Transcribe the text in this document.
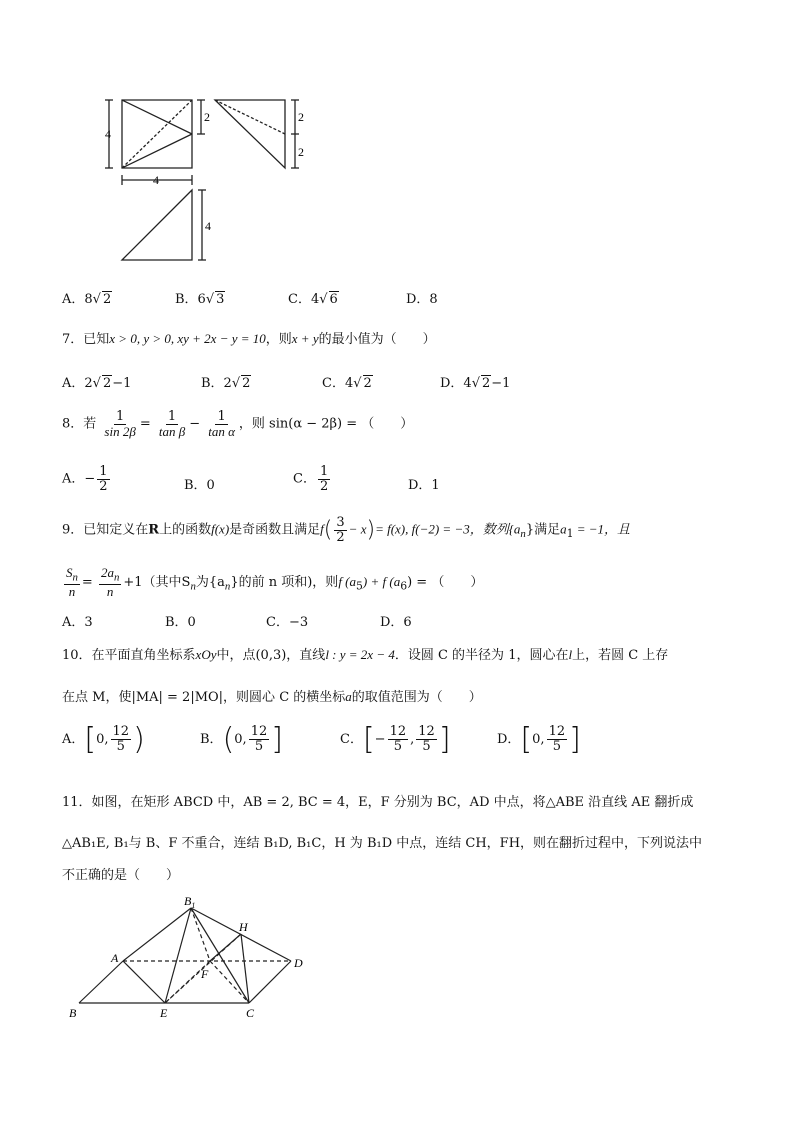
4
2	2
2
4
4
A．8√ 2	B．6√ 3	C．4√ 6	D．8
7．已知x > 0, y > 0, xy + 2x − y = 10，则x + y的最小值为（　　）
A．2√ 2−1	B．2√ 2	C．4√ 2	D．4√ 2−1
8．若 $\frac{1}{\sin 2\beta} = \frac{1}{\text{tan β}} - \frac{1}{\text{tan α}}$ ，则 sin(α − 2β) = （　　）
A．− $\frac{1}{2}$	B．0	C． $\frac{1}{2}$	D．1
9．已知定义在R上的函数f(x)是奇函数且满足$f( \frac{3}{2} - x)= f(x)$, f(−2) = −3，数列$\{a_n\}$满足$a_1 = -1$，且
$\frac{S_n}{n} = \frac{2a_n}{n} +1$（其中$S_n$为$\{a_n\}$的前 n 项和)，则f $(a_5) + f$ $(a_6)$ = （　　）
A．3	B．0	C．−3	D．6
10．在平面直角坐标系xOy中，点(0,3)，直线l : y = 2x − 4．设圆 C 的半径为 1，圆心在l上，若圆 C 上存
在点 M，使|MA| = 2|MO|，则圆心 C 的横坐标a的取值范围为（　　）
A．[0, $\frac{12}{5}$ )	B．(0, $\frac{12}{5}$ ]	C．[− $\frac{12}{5}$ , $\frac{12}{5}$ ]	D．[0, $\frac{12}{5}$ ]
11．如图，在矩形 ABCD 中，AB = 2, BC = 4，E，F 分别为 BC，AD 中点，将△ABE 沿直线 AE 翻折成
△AB₁E, B₁与 B、F 不重合，连结 B₁D, B₁C，H 为 B₁D 中点，连结 CH，FH，则在翻折过程中，下列说法中
不正确的是（　　）
$B_1$
H
A
F
D
B	E	C
